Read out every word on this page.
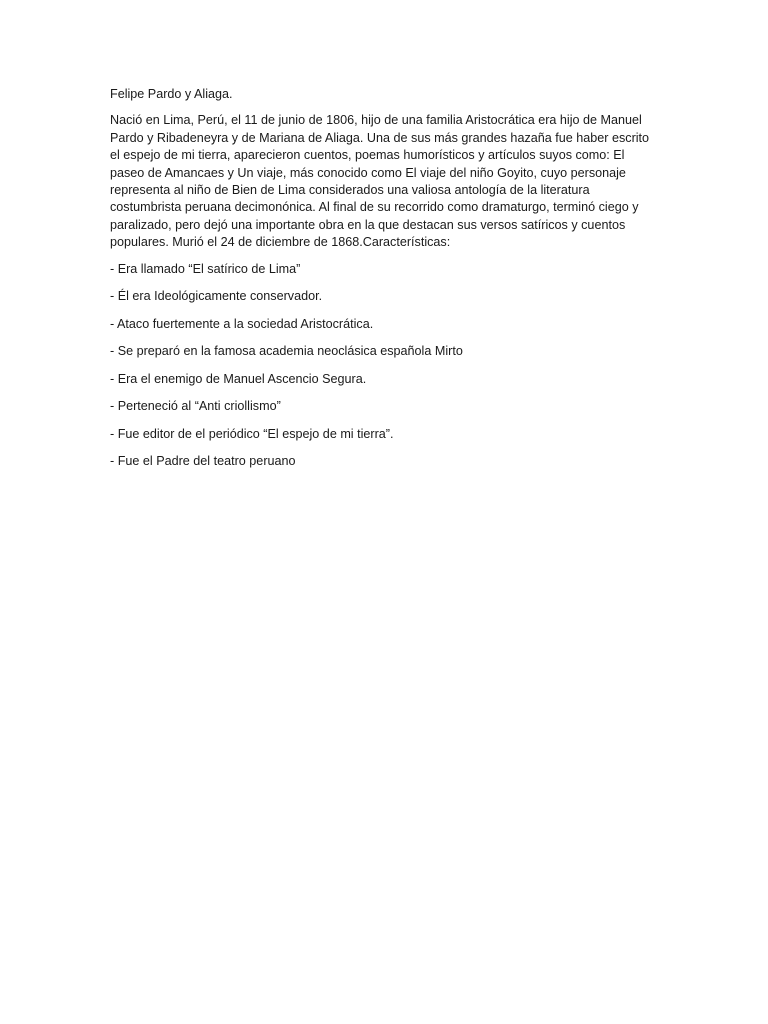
Felipe Pardo y Aliaga.

Nació en Lima, Perú, el 11 de junio de 1806, hijo de una familia Aristocrática era hijo de Manuel Pardo y Ribadeneyra y de Mariana de Aliaga. Una de sus más grandes hazaña fue haber escrito el espejo de mi tierra, aparecieron cuentos, poemas humorísticos y artículos suyos como: El paseo de Amancaes y Un viaje, más conocido como El viaje del niño Goyito, cuyo personaje representa al niño de Bien de Lima considerados una valiosa antología de la literatura costumbrista peruana decimonónica. Al final de su recorrido como dramaturgo, terminó ciego y paralizado, pero dejó una importante obra en la que destacan sus versos satíricos y cuentos populares. Murió el 24 de diciembre de 1868.Características:

- Era llamado “El satírico de Lima”

- Él era Ideológicamente conservador.

- Ataco fuertemente a la sociedad Aristocrática.

- Se preparó en la famosa academia neoclásica española Mirto

- Era el enemigo de Manuel Ascencio Segura.

- Perteneció al “Anti criollismo”

- Fue editor de el periódico “El espejo de mi tierra”.

- Fue el Padre del teatro peruano
